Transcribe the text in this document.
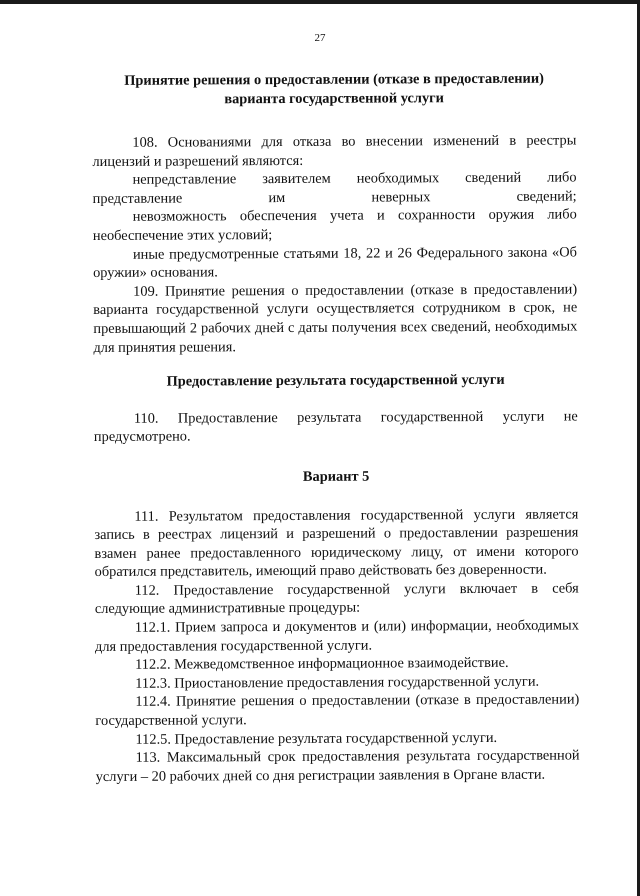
27
Принятие решения о предоставлении (отказе в предоставлении)
варианта государственной услуги

108. Основаниями для отказа во внесении изменений в реестры лицензий и разрешений являются:

непредставление заявителем необходимых сведений либо представление им неверных сведений;

невозможность обеспечения учета и сохранности оружия либо необеспечение этих условий;

иные предусмотренные статьями 18, 22 и 26 Федерального закона «Об оружии» основания.

109. Принятие решения о предоставлении (отказе в предоставлении) варианта государственной услуги осуществляется сотрудником в срок, не превышающий 2 рабочих дней с даты получения всех сведений, необходимых для принятия решения.

Предоставление результата государственной услуги

110. Предоставление результата государственной услуги не предусмотрено.

Вариант 5

111. Результатом предоставления государственной услуги является запись в реестрах лицензий и разрешений о предоставлении разрешения взамен ранее предоставленного юридическому лицу, от имени которого обратился представитель, имеющий право действовать без доверенности.

112. Предоставление государственной услуги включает в себя следующие административные процедуры:

112.1. Прием запроса и документов и (или) информации, необходимых для предоставления государственной услуги.

112.2. Межведомственное информационное взаимодействие.

112.3. Приостановление предоставления государственной услуги.

112.4. Принятие решения о предоставлении (отказе в предоставлении) государственной услуги.

112.5. Предоставление результата государственной услуги.

113. Максимальный срок предоставления результата государственной услуги – 20 рабочих дней со дня регистрации заявления в Органе власти.
